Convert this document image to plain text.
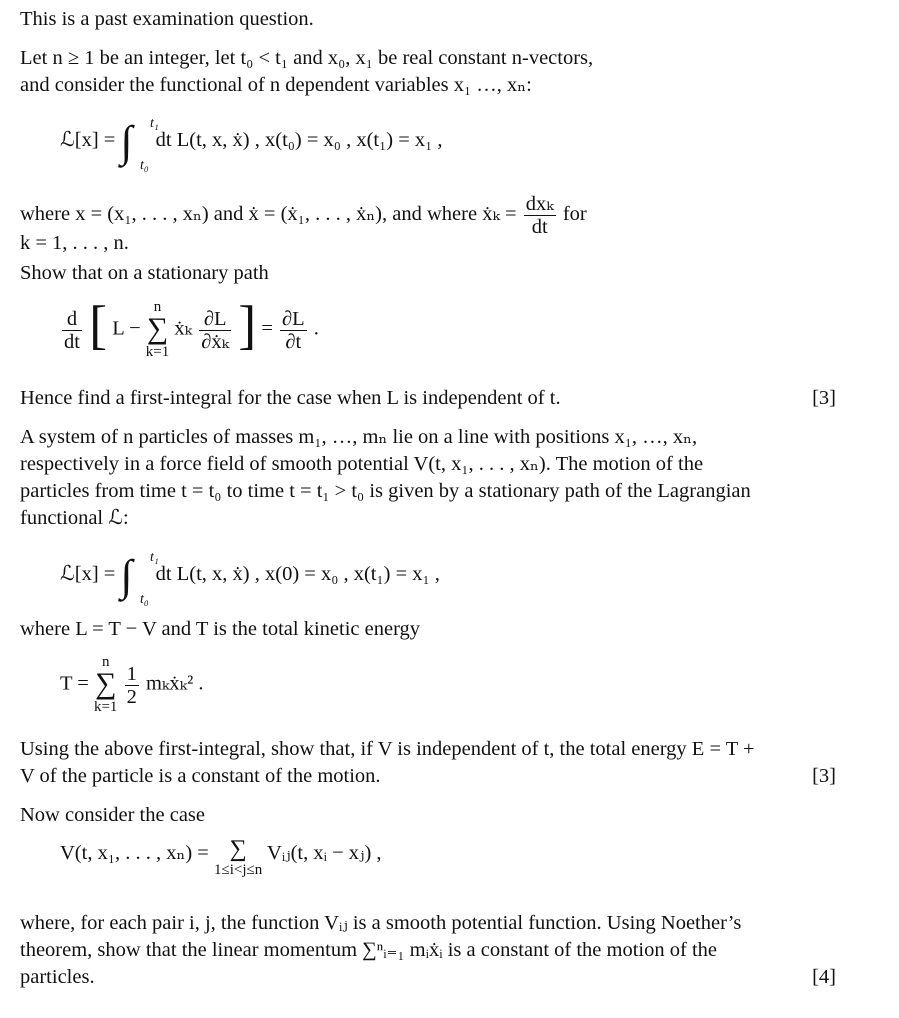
This is a past examination question.

Let n ≥ 1 be an integer, let t₀ < t₁ and x₀, x₁ be real constant n-vectors,

and consider the functional of n dependent variables x₁ …, xₙ:

ℒ[x] = ∫ t₁
t₀
dt L(t, x, ẋ) , x(t₀) = x₀ , x(t₁) = x₁ ,

where x = (x₁, . . . , xₙ) and ẋ = (ẋ₁, . . . , ẋₙ), and where ẋₖ = $\frac{\text{dxₖ}}{dt}$ for

k = 1, . . . , n.

Show that on a stationary path

$\frac{d}{dt}$ [ L −
n
∑
k=1
ẋₖ $\frac{\partial L}{\text{∂ẋₖ}}$ ] = $\frac{\partial L}{\partial t}$ .

Hence find a first-integral for the case when L is independent of t.	[3]

A system of n particles of masses m₁, …, mₙ lie on a line with positions x₁, …, xₙ, respectively in a force field of smooth potential V(t, x₁, . . . , xₙ). The motion of the particles from time t = t₀ to time t = t₁ > t₀ is given by a stationary path of the Lagrangian functional ℒ:

ℒ[x] = ∫ t₁
t₀
dt L(t, x, ẋ) , x(0) = x₀ , x(t₁) = x₁ ,

where L = T − V and T is the total kinetic energy

T =
n
∑
k=1
$\frac{1}{2}$ mₖẋₖ² .

Using the above first-integral, show that, if V is independent of t, the total energy E = T + V of the particle is a constant of the motion.	[3]

Now consider the case

V(t, x₁, . . . , xₙ) = ∑
1≤i<j≤n
Vᵢⱼ(t, xᵢ − xⱼ) ,

where, for each pair i, j, the function Vᵢⱼ is a smooth potential function. Using Noether’s theorem, show that the linear momentum ∑ⁿᵢ₌₁ mᵢẋᵢ is a constant of the motion of the particles.	[4]
